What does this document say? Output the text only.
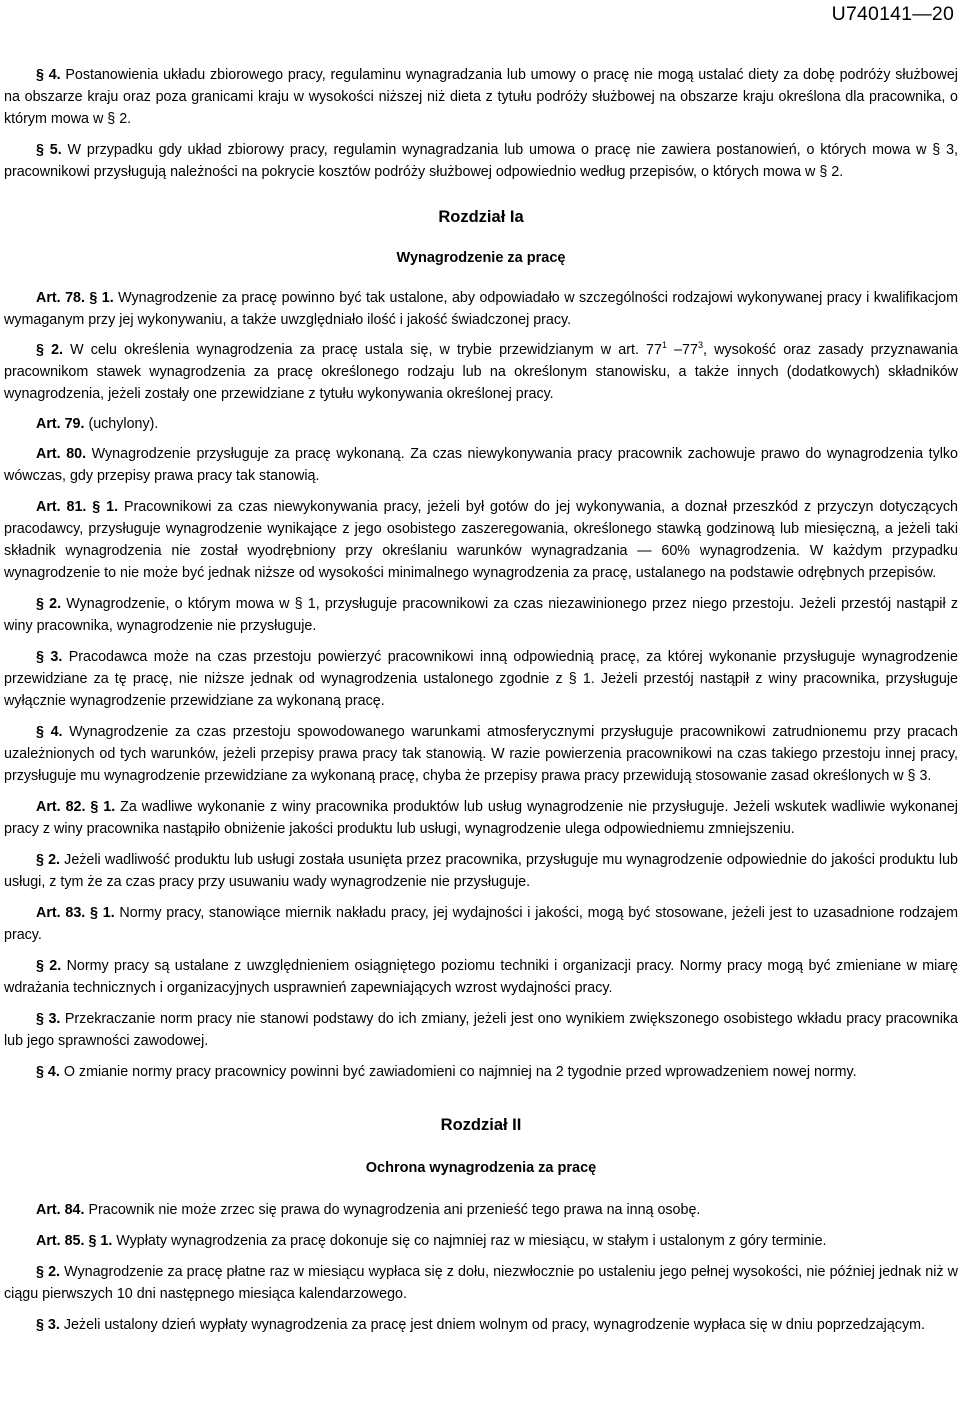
U740141—20

§ 4. Postanowienia układu zbiorowego pracy, regulaminu wynagradzania lub umowy o pracę nie mogą ustalać diety za dobę podróży służbowej na obszarze kraju oraz poza granicami kraju w wysokości niższej niż dieta z tytułu podróży służbowej na obszarze kraju określona dla pracownika, o którym mowa w § 2.

§ 5. W przypadku gdy układ zbiorowy pracy, regulamin wynagradzania lub umowa o pracę nie zawiera postanowień, o których mowa w § 3, pracownikowi przysługują należności na pokrycie kosztów podróży służbowej odpowiednio według przepisów, o których mowa w § 2.

Rozdział Ia
Wynagrodzenie za pracę

Art. 78. § 1. Wynagrodzenie za pracę powinno być tak ustalone, aby odpowiadało w szczególności rodzajowi wykonywanej pracy i kwalifikacjom wymaganym przy jej wykonywaniu, a także uwzględniało ilość i jakość świadczonej pracy.

§ 2. W celu określenia wynagrodzenia za pracę ustala się, w trybie przewidzianym w art. $77^1$ $-77^3$, wysokość oraz zasady przyznawania pracownikom stawek wynagrodzenia za pracę określonego rodzaju lub na określonym stanowisku, a także innych (dodatkowych) składników wynagrodzenia, jeżeli zostały one przewidziane z tytułu wykonywania określonej pracy.

Art. 79. (uchylony).

Art. 80. Wynagrodzenie przysługuje za pracę wykonaną. Za czas niewykonywania pracy pracownik zachowuje prawo do wynagrodzenia tylko wówczas, gdy przepisy prawa pracy tak stanowią.

Art. 81. § 1. Pracownikowi za czas niewykonywania pracy, jeżeli był gotów do jej wykonywania, a doznał przeszkód z przyczyn dotyczących pracodawcy, przysługuje wynagrodzenie wynikające z jego osobistego zaszeregowania, określonego stawką godzinową lub miesięczną, a jeżeli taki składnik wynagrodzenia nie został wyodrębniony przy określaniu warunków wynagradzania — 60% wynagrodzenia. W każdym przypadku wynagrodzenie to nie może być jednak niższe od wysokości minimalnego wynagrodzenia za pracę, ustalanego na podstawie odrębnych przepisów.

§ 2. Wynagrodzenie, o którym mowa w § 1, przysługuje pracownikowi za czas niezawinionego przez niego przestoju. Jeżeli przestój nastąpił z winy pracownika, wynagrodzenie nie przysługuje.

§ 3. Pracodawca może na czas przestoju powierzyć pracownikowi inną odpowiednią pracę, za której wykonanie przysługuje wynagrodzenie przewidziane za tę pracę, nie niższe jednak od wynagrodzenia ustalonego zgodnie z § 1. Jeżeli przestój nastąpił z winy pracownika, przysługuje wyłącznie wynagrodzenie przewidziane za wykonaną pracę.

§ 4. Wynagrodzenie za czas przestoju spowodowanego warunkami atmosferycznymi przysługuje pracownikowi zatrudnionemu przy pracach uzależnionych od tych warunków, jeżeli przepisy prawa pracy tak stanowią. W razie powierzenia pracownikowi na czas takiego przestoju innej pracy, przysługuje mu wynagrodzenie przewidziane za wykonaną pracę, chyba że przepisy prawa pracy przewidują stosowanie zasad określonych w § 3.

Art. 82. § 1. Za wadliwe wykonanie z winy pracownika produktów lub usług wynagrodzenie nie przysługuje. Jeżeli wskutek wadliwie wykonanej pracy z winy pracownika nastąpiło obniżenie jakości produktu lub usługi, wynagrodzenie ulega odpowiedniemu zmniejszeniu.

§ 2. Jeżeli wadliwość produktu lub usługi została usunięta przez pracownika, przysługuje mu wynagrodzenie odpowiednie do jakości produktu lub usługi, z tym że za czas pracy przy usuwaniu wady wynagrodzenie nie przysługuje.

Art. 83. § 1. Normy pracy, stanowiące miernik nakładu pracy, jej wydajności i jakości, mogą być stosowane, jeżeli jest to uzasadnione rodzajem pracy.

§ 2. Normy pracy są ustalane z uwzględnieniem osiągniętego poziomu techniki i organizacji pracy. Normy pracy mogą być zmieniane w miarę wdrażania technicznych i organizacyjnych usprawnień zapewniających wzrost wydajności pracy.

§ 3. Przekraczanie norm pracy nie stanowi podstawy do ich zmiany, jeżeli jest ono wynikiem zwiększonego osobistego wkładu pracy pracownika lub jego sprawności zawodowej.

§ 4. O zmianie normy pracy pracownicy powinni być zawiadomieni co najmniej na 2 tygodnie przed wprowadzeniem nowej normy.

Rozdział II
Ochrona wynagrodzenia za pracę

Art. 84. Pracownik nie może zrzec się prawa do wynagrodzenia ani przenieść tego prawa na inną osobę.

Art. 85. § 1. Wypłaty wynagrodzenia za pracę dokonuje się co najmniej raz w miesiącu, w stałym i ustalonym z góry terminie.

§ 2. Wynagrodzenie za pracę płatne raz w miesiącu wypłaca się z dołu, niezwłocznie po ustaleniu jego pełnej wysokości, nie później jednak niż w ciągu pierwszych 10 dni następnego miesiąca kalendarzowego.

§ 3. Jeżeli ustalony dzień wypłaty wynagrodzenia za pracę jest dniem wolnym od pracy, wynagrodzenie wypłaca się w dniu poprzedzającym.
